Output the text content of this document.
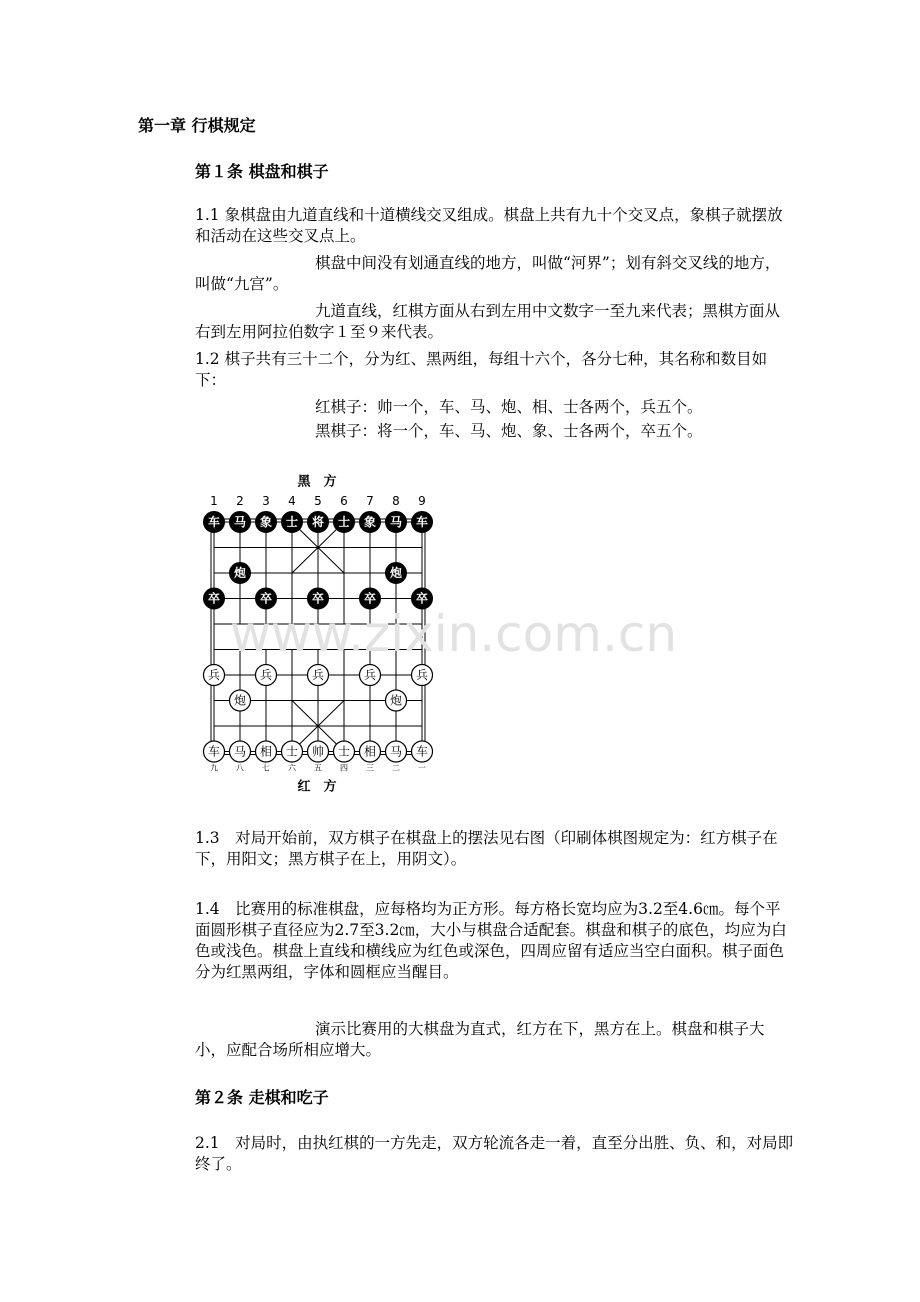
第一章 行棋规定
第１条 棋盘和棋子
1.1 象棋盘由九道直线和十道横线交叉组成。棋盘上共有九十个交叉点，象棋子就摆放和活动在这些交叉点上。
棋盘中间没有划通直线的地方，叫做“河界”；划有斜交叉线的地方，叫做“九宫”。
九道直线，红棋方面从右到左用中文数字一至九来代表；黑棋方面从右到左用阿拉伯数字１至９来代表。
1.2 棋子共有三十二个，分为红、黑两组，每组十六个，各分七种，其名称和数目如下：
红棋子：帅一个，车、马、炮、相、士各两个，兵五个。
黑棋子：将一个，车、马、炮、象、士各两个，卒五个。
黑　方
红　方
1 2 3 4 5 6 7 8 9
九 八 七 六 五 四 三 二 一
车 马 象 士 将 士 象 马 车
炮	炮
卒	卒	卒	卒	卒
兵	兵	兵	兵	兵
炮	炮
车 马 相 士 帅 士 相 马 车
www.zixin.com.cn
1.3　对局开始前，双方棋子在棋盘上的摆法见右图（印刷体棋图规定为：红方棋子在下，用阳文；黑方棋子在上，用阴文）。
1.4　比赛用的标准棋盘，应每格均为正方形。每方格长宽均应为3.2至4.6㎝。每个平面圆形棋子直径应为2.7至3.2㎝，大小与棋盘合适配套。棋盘和棋子的底色，均应为白色或浅色。棋盘上直线和横线应为红色或深色，四周应留有适应当空白面积。棋子面色分为红黑两组，字体和圆框应当醒目。
演示比赛用的大棋盘为直式，红方在下，黑方在上。棋盘和棋子大小，应配合场所相应增大。
第２条 走棋和吃子
2.1　对局时，由执红棋的一方先走，双方轮流各走一着，直至分出胜、负、和，对局即终了。
